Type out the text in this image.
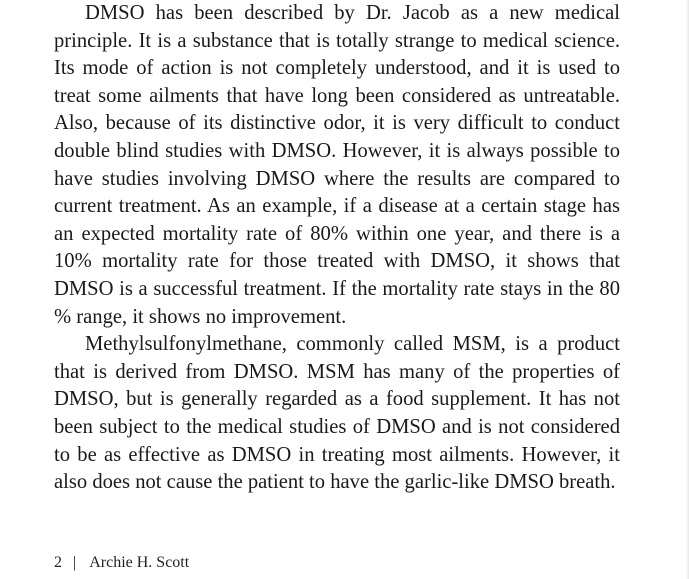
DMSO has been described by Dr. Jacob as a new medical principle. It is a substance that is totally strange to medical science. Its mode of action is not completely understood, and it is used to treat some ailments that have long been considered as untreatable. Also, because of its distinctive odor, it is very difficult to conduct double blind studies with DMSO. However, it is always possible to have studies involving DMSO where the results are compared to current treatment. As an example, if a disease at a certain stage has an expected mortality rate of 80% within one year, and there is a 10% mortality rate for those treated with DMSO, it shows that DMSO is a successful treatment. If the mortality rate stays in the 80 % range, it shows no improvement.

Methylsulfonylmethane, commonly called MSM, is a product that is derived from DMSO. MSM has many of the properties of DMSO, but is generally regarded as a food supplement. It has not been subject to the medical studies of DMSO and is not considered to be as effective as DMSO in treating most ailments. However, it also does not cause the patient to have the garlic-like DMSO breath.

2 | Archie H. Scott
